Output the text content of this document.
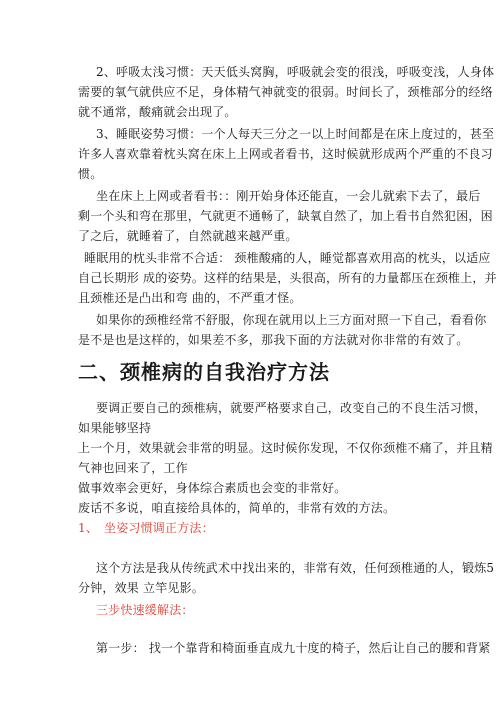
2、呼吸太浅习惯：天天低头窝胸，呼吸就会变的很浅，呼吸变浅，人身体
需要的氧气就供应不足，身体精气神就变的很弱。时间长了，颈椎部分的经络
就不通常，酸痛就会出现了。
3、睡眠姿势习惯：一个人每天三分之一以上时间都是在床上度过的，甚至
许多人喜欢靠着枕头窝在床上上网或者看书，这时候就形成两个严重的不良习
惯。
坐在床上上网或者看书：：刚开始身体还能直，一会儿就索下去了，最后
剩一个头和弯在那里，气就更不通畅了，缺氧自然了，加上看书自然犯困，困
了之后，就睡着了，自然就越来越严重。
睡眠用的枕头非常不合适： 颈椎酸痛的人，睡觉都喜欢用高的枕头，以适应
自己长期形 成的姿势。这样的结果是，头很高，所有的力量都压在颈椎上，并
且颈椎还是凸出和弯 曲的，不严重才怪。
如果你的颈椎经常不舒服，你现在就用以上三方面对照一下自己，看看你
是不是也是这样的，如果差不多，那我下面的方法就对你非常的有效了。
二、颈椎病的自我治疗方法
要调正要自己的颈椎病，就要严格要求自己，改变自己的不良生活习惯，
如果能够坚持
上一个月，效果就会非常的明显。这时候你发现，不仅你颈椎不痛了，并且精
气神也回来了，工作
做事效率会更好，身体综合素质也会变的非常好。
废话不多说，咱直接给具体的，简单的，非常有效的方法。
1、 坐姿习惯调正方法：
这个方法是我从传统武术中找出来的，非常有效，任何颈椎通的人，锻炼5
分钟，效果 立竿见影。
三步快速缓解法：
第一步： 找一个靠背和椅面垂直成九十度的椅子，然后让自己的腰和背紧
